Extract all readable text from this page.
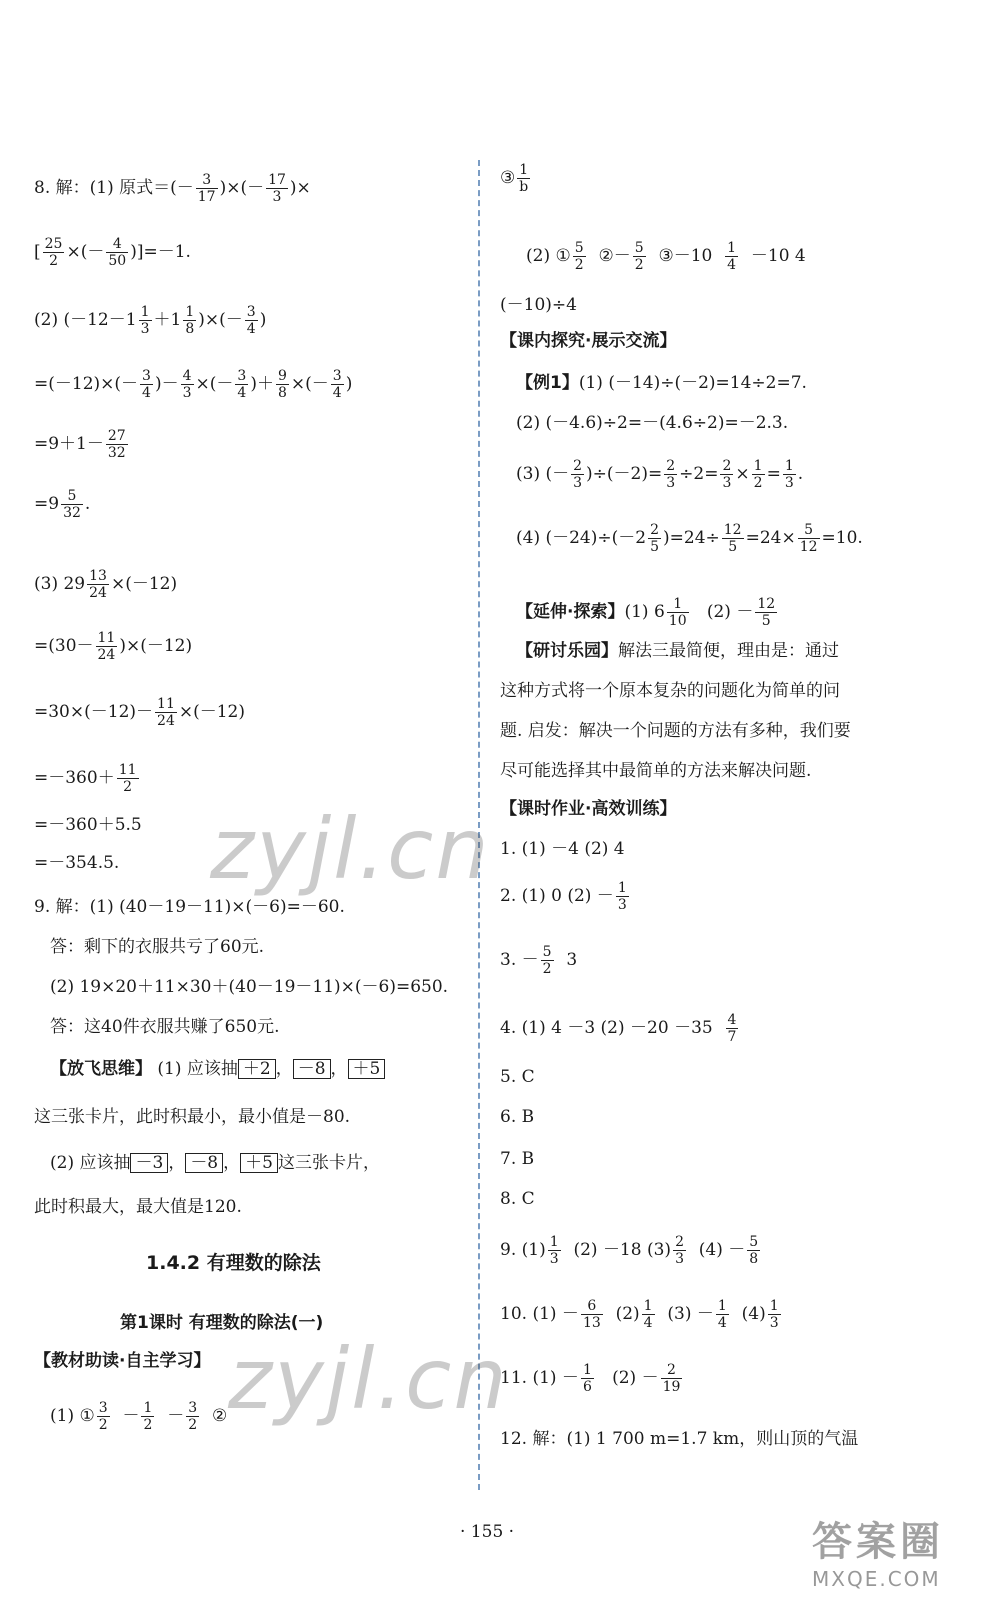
8. 解：(1) 原式＝(－ $\frac{3}{17}$ )×(－ $\frac{17}{3}$ )×
[ $\frac{25}{2}$ ×(－ $\frac{4}{50} )]=-1$.
(2) ($-12-1 \frac{1}{3} +1 \frac{1}{8}$ )×(－ $\frac{3}{4}$ )
$=(-12)\times(- \frac{3}{4}$ )－ $\frac{4}{3}$ ×(－ $\frac{3}{4}$ )＋ $\frac{9}{8}$ ×(－ $\frac{3}{4}$ )
$=9+1- \frac{27}{32}$
$=9 \frac{5}{32}$ .
(3) $29 \frac{13}{24} \times(-12)$
$=(30- \frac{11}{24} )\times(-12)$
$=30\times(-12)- \frac{11}{24} \times(-12)$
$=-360+ \frac{11}{2}$
=－360＋5.5
=－354.5.
9. 解：(1) (40－19－11)×(－6)=－60.
答：剩下的衣服共亏了60元.
(2) 19×20＋11×30＋(40－19－11)×(－6)=650.
答：这40件衣服共赚了650元.
【放飞思维】 (1) 应该抽 ＋2 ， －8 ， ＋5
这三张卡片，此时积最小，最小值是－80.
(2) 应该抽 －3 ， －8 ， ＋5 这三张卡片，
此时积最大，最大值是120.
1.4.2 有理数的除法
第1课时 有理数的除法(一)
【教材助读·自主学习】
(1) ① $\frac{3}{2} - \frac{1}{2} - \frac{3}{2}$ ②
③ $\frac{1}{b}$
(2) ① $\frac{5}{2}$ ②－ $\frac{5}{2}$ ③－10 $\frac{1}{4} -10$ 4
(－10)÷4
【课内探究·展示交流】
【例1】(1) (－14)÷(－2)=14÷2=7.
(2) (－4.6)÷2=－(4.6÷2)=－2.3.
(3) (－ $\frac{2}{3} )\div(-2)= \frac{2}{3} \div 2= \frac{2}{3} \times \frac{1}{2} = \frac{1}{3}$ .
(4) $(-24)\div(-2 \frac{2}{5} )=24\div \frac{12}{5} =24\times \frac{5}{12} =10$.
【延伸·探索】(1) $6 \frac{1}{10} (2) - \frac{12}{5}$
【研讨乐园】解法三最简便，理由是：通过
这种方式将一个原本复杂的问题化为简单的问
题. 启发：解决一个问题的方法有多种，我们要
尽可能选择其中最简单的方法来解决问题.
【课时作业·高效训练】
1. (1) －4 (2) 4
2. (1) 0 $(2) - \frac{1}{3}$
3. － $\frac{5}{2} 3$
4. (1) 4 －3 $(2) -20 -35 \frac{4}{7}$
5. C
6. B
7. B
8. C
9. $(1) \frac{1}{3} (2) -18$ $(3) \frac{2}{3} (4) - \frac{5}{8}$
10. $(1) - \frac{6}{13} (2) \frac{1}{4} (3) - \frac{1}{4} (4) \frac{1}{3}$
11. $(1) - \frac{1}{6} (2) - \frac{2}{19}$
12. 解：(1) 1 700 m=1.7 km，则山顶的气温
· 155 ·
zyjl.cn
zyjl.cn
答案圈
MXQE.COM
